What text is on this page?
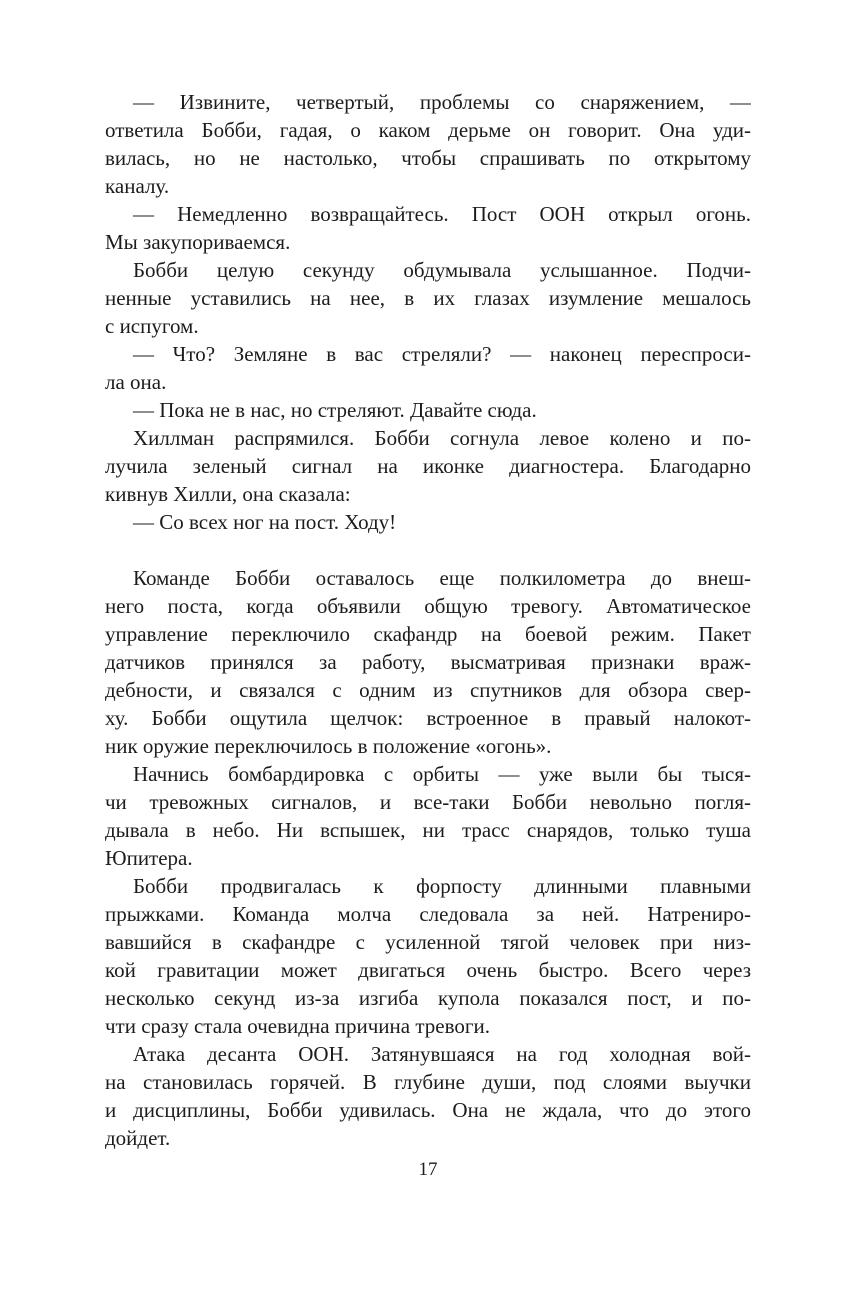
— Извините, четвертый, проблемы со снаряжением, —
ответила Бобби, гадая, о каком дерьме он говорит. Она уди-
вилась, но не настолько, чтобы спрашивать по открытому
каналу.
— Немедленно возвращайтесь. Пост ООН открыл огонь.
Мы закупориваемся.
Бобби целую секунду обдумывала услышанное. Подчи-
ненные уставились на нее, в их глазах изумление мешалось
с испугом.
— Что? Земляне в вас стреляли? — наконец переспроси-
ла она.
— Пока не в нас, но стреляют. Давайте сюда.
Хиллман распрямился. Бобби согнула левое колено и по-
лучила зеленый сигнал на иконке диагностера. Благодарно
кивнув Хилли, она сказала:
— Со всех ног на пост. Ходу!
Команде Бобби оставалось еще полкилометра до внеш-
него поста, когда объявили общую тревогу. Автоматическое
управление переключило скафандр на боевой режим. Пакет
датчиков принялся за работу, высматривая признаки враж-
дебности, и связался с одним из спутников для обзора свер-
ху. Бобби ощутила щелчок: встроенное в правый налокот-
ник оружие переключилось в положение «огонь».
Начнись бомбардировка с орбиты — уже выли бы тыся-
чи тревожных сигналов, и все-таки Бобби невольно погля-
дывала в небо. Ни вспышек, ни трасс снарядов, только туша
Юпитера.
Бобби продвигалась к форпосту длинными плавными
прыжками. Команда молча следовала за ней. Натрениро-
вавшийся в скафандре с усиленной тягой человек при низ-
кой гравитации может двигаться очень быстро. Всего через
несколько секунд из-за изгиба купола показался пост, и по-
чти сразу стала очевидна причина тревоги.
Атака десанта ООН. Затянувшаяся на год холодная вой-
на становилась горячей. В глубине души, под слоями выучки
и дисциплины, Бобби удивилась. Она не ждала, что до этого
дойдет.
17
